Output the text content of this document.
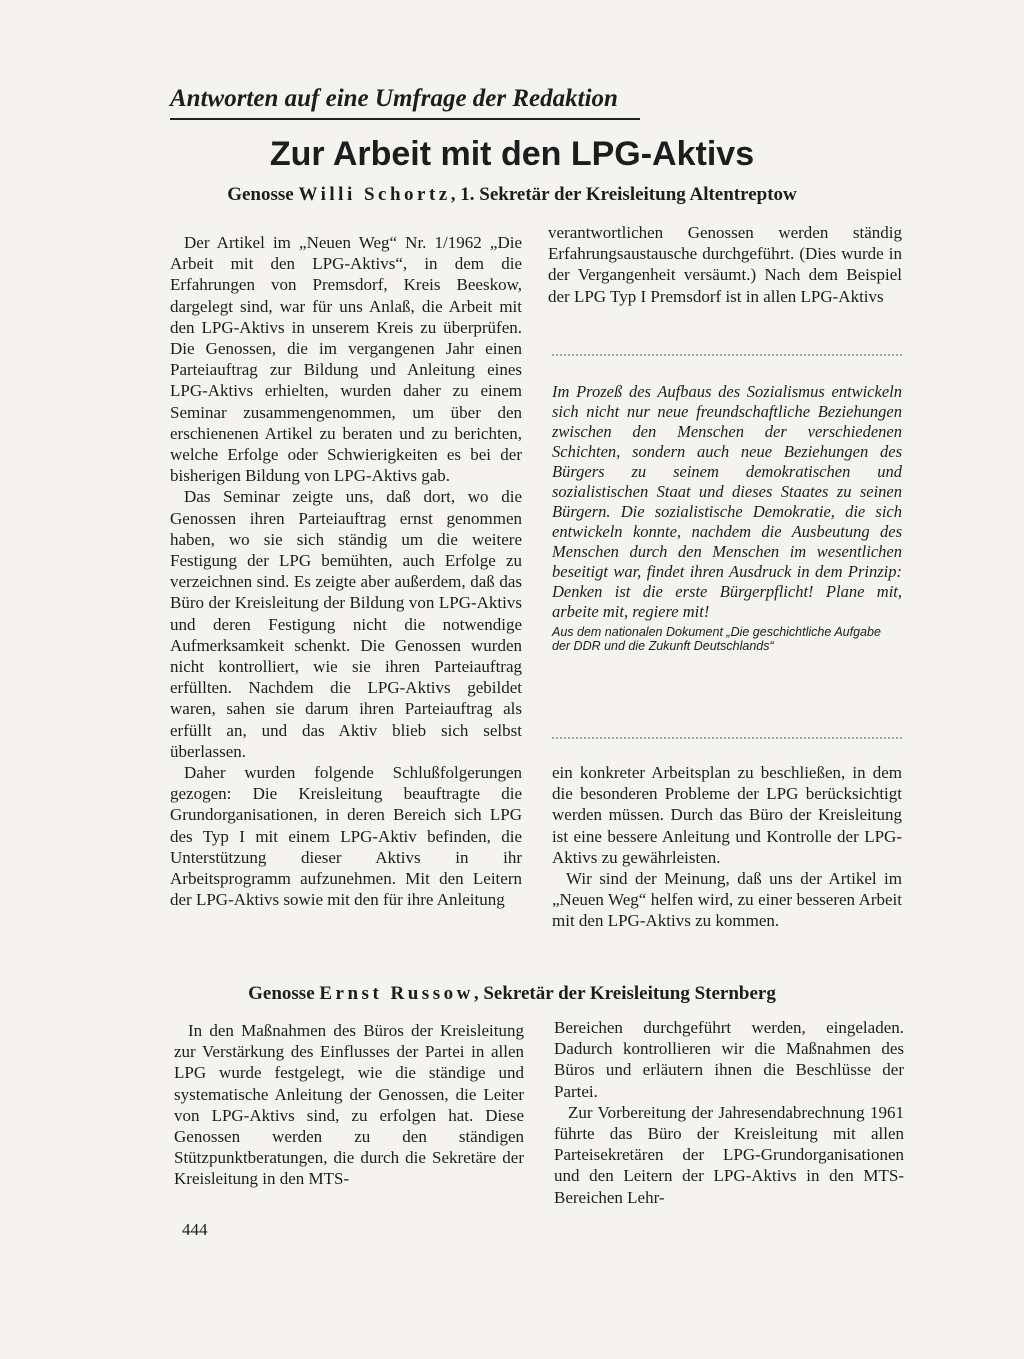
Antworten auf eine Umfrage der Redaktion
Zur Arbeit mit den LPG-Aktivs
Genosse Willi Schortz, 1. Sekretär der Kreisleitung Altentreptow

Der Artikel im „Neuen Weg“ Nr. 1/1962 „Die Arbeit mit den LPG-Aktivs“, in dem die Erfahrungen von Premsdorf, Kreis Beeskow, dargelegt sind, war für uns Anlaß, die Arbeit mit den LPG-Aktivs in unserem Kreis zu überprüfen. Die Genossen, die im vergangenen Jahr einen Parteiauftrag zur Bildung und Anleitung eines LPG-Aktivs erhielten, wurden daher zu einem Seminar zusammengenommen, um über den erschienenen Artikel zu beraten und zu berichten, welche Erfolge oder Schwierigkeiten es bei der bisherigen Bildung von LPG-Aktivs gab.

Das Seminar zeigte uns, daß dort, wo die Genossen ihren Parteiauftrag ernst genommen haben, wo sie sich ständig um die weitere Festigung der LPG bemühten, auch Erfolge zu verzeichnen sind. Es zeigte aber außerdem, daß das Büro der Kreisleitung der Bildung von LPG-Aktivs und deren Festigung nicht die notwendige Aufmerksamkeit schenkt. Die Genossen wurden nicht kontrolliert, wie sie ihren Parteiauftrag erfüllten. Nachdem die LPG-Aktivs gebildet waren, sahen sie darum ihren Parteiauftrag als erfüllt an, und das Aktiv blieb sich selbst überlassen.

Daher wurden folgende Schlußfolgerungen gezogen: Die Kreisleitung beauftragte die Grundorganisationen, in deren Bereich sich LPG des Typ I mit einem LPG-Aktiv befinden, die Unterstützung dieser Aktivs in ihr Arbeitsprogramm aufzunehmen. Mit den Leitern der LPG-Aktivs sowie mit den für ihre Anleitung

verantwortlichen Genossen werden ständig Erfahrungsaustausche durchgeführt. (Dies wurde in der Vergangenheit versäumt.) Nach dem Beispiel der LPG Typ I Premsdorf ist in allen LPG-Aktivs

Im Prozeß des Aufbaus des Sozialismus entwickeln sich nicht nur neue freundschaftliche Beziehungen zwischen den Menschen der verschiedenen Schichten, sondern auch neue Beziehungen des Bürgers zu seinem demokratischen und sozialistischen Staat und dieses Staates zu seinen Bürgern. Die sozialistische Demokratie, die sich entwickeln konnte, nachdem die Ausbeutung des Menschen durch den Menschen im wesentlichen beseitigt war, findet ihren Ausdruck in dem Prinzip: Denken ist die erste Bürgerpflicht! Plane mit, arbeite mit, regiere mit!

Aus dem nationalen Dokument „Die geschichtliche Aufgabe der DDR und die Zukunft Deutschlands“

ein konkreter Arbeitsplan zu beschließen, in dem die besonderen Probleme der LPG berücksichtigt werden müssen. Durch das Büro der Kreisleitung ist eine bessere Anleitung und Kontrolle der LPG-Aktivs zu gewährleisten.

Wir sind der Meinung, daß uns der Artikel im „Neuen Weg“ helfen wird, zu einer besseren Arbeit mit den LPG-Aktivs zu kommen.

Genosse Ernst Russow, Sekretär der Kreisleitung Sternberg

In den Maßnahmen des Büros der Kreisleitung zur Verstärkung des Einflusses der Partei in allen LPG wurde festgelegt, wie die ständige und systematische Anleitung der Genossen, die Leiter von LPG-Aktivs sind, zu erfolgen hat. Diese Genossen werden zu den ständigen Stützpunktberatungen, die durch die Sekretäre der Kreisleitung in den MTS-

Bereichen durchgeführt werden, eingeladen. Dadurch kontrollieren wir die Maßnahmen des Büros und erläutern ihnen die Beschlüsse der Partei.

Zur Vorbereitung der Jahresendabrechnung 1961 führte das Büro der Kreisleitung mit allen Parteisekretären der LPG-Grundorganisationen und den Leitern der LPG-Aktivs in den MTS-Bereichen Lehr-

444
